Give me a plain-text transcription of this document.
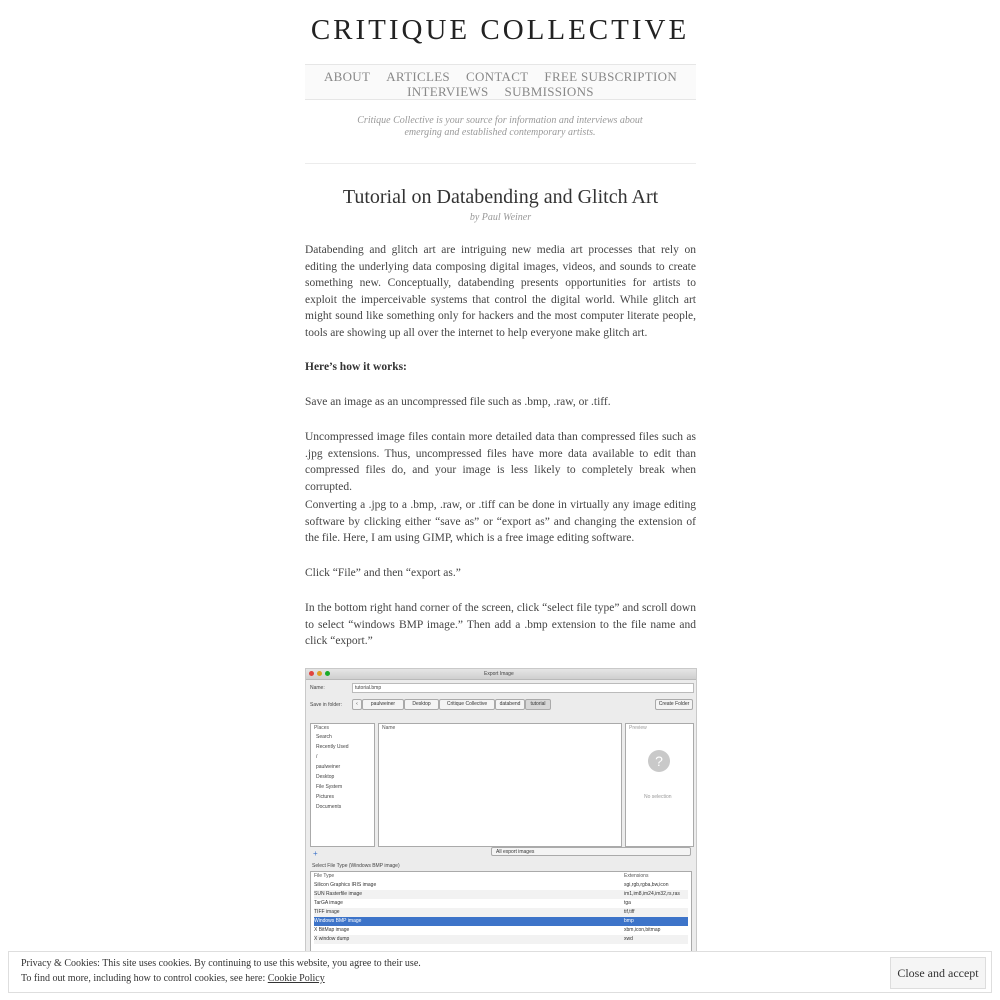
CRITIQUE COLLECTIVE
ABOUT ARTICLES CONTACT FREE SUBSCRIPTION
INTERVIEWS SUBMISSIONS
Critique Collective is your source for information and interviews about emerging and established contemporary artists.
Tutorial on Databending and Glitch Art
by Paul Weiner

Databending and glitch art are intriguing new media art processes that rely on editing the underlying data composing digital images, videos, and sounds to create something new. Conceptually, databending presents opportunities for artists to exploit the imperceivable systems that control the digital world. While glitch art might sound like something only for hackers and the most computer literate people, tools are showing up all over the internet to help everyone make glitch art.

Here’s how it works:

Save an image as an uncompressed file such as .bmp, .raw, or .tiff.

Uncompressed image files contain more detailed data than compressed files such as .jpg extensions. Thus, uncompressed files have more data available to edit than compressed files do, and your image is less likely to completely break when corrupted.

Converting a .jpg to a .bmp, .raw, or .tiff can be done in virtually any image editing software by clicking either “save as” or “export as” and changing the extension of the file. Here, I am using GIMP, which is a free image editing software.

Click “File” and then “export as.”

In the bottom right hand corner of the screen, click “select file type” and scroll down to select “windows BMP image.” Then add a .bmp extension to the file name and click “export.”

Export Image
Name:	tutorial.bmp
Save in folder:	‹	paulweiner	Desktop	Critique Collective	databend	tutorial	Create Folder
Places
Search
Recently Used
/
paulweiner
Desktop
File System
Pictures
Documents
Name	Preview
?
No selection
+	All export images
Select File Type (Windows BMP image)
File Type	Extensions
Silicon Graphics IRIS image	sgi,rgb,rgba,bw,icon
SUN Rasterfile image	im1,im8,im24,im32,rs,ras
TarGA image	tga
TIFF image	tif,tiff
Windows BMP image	bmp
X BitMap image	xbm,icon,bitmap
X window dump	xwd
Privacy & Cookies: This site uses cookies. By continuing to use this website, you agree to their use.
To find out more, including how to control cookies, see here: Cookie Policy	Close and accept
